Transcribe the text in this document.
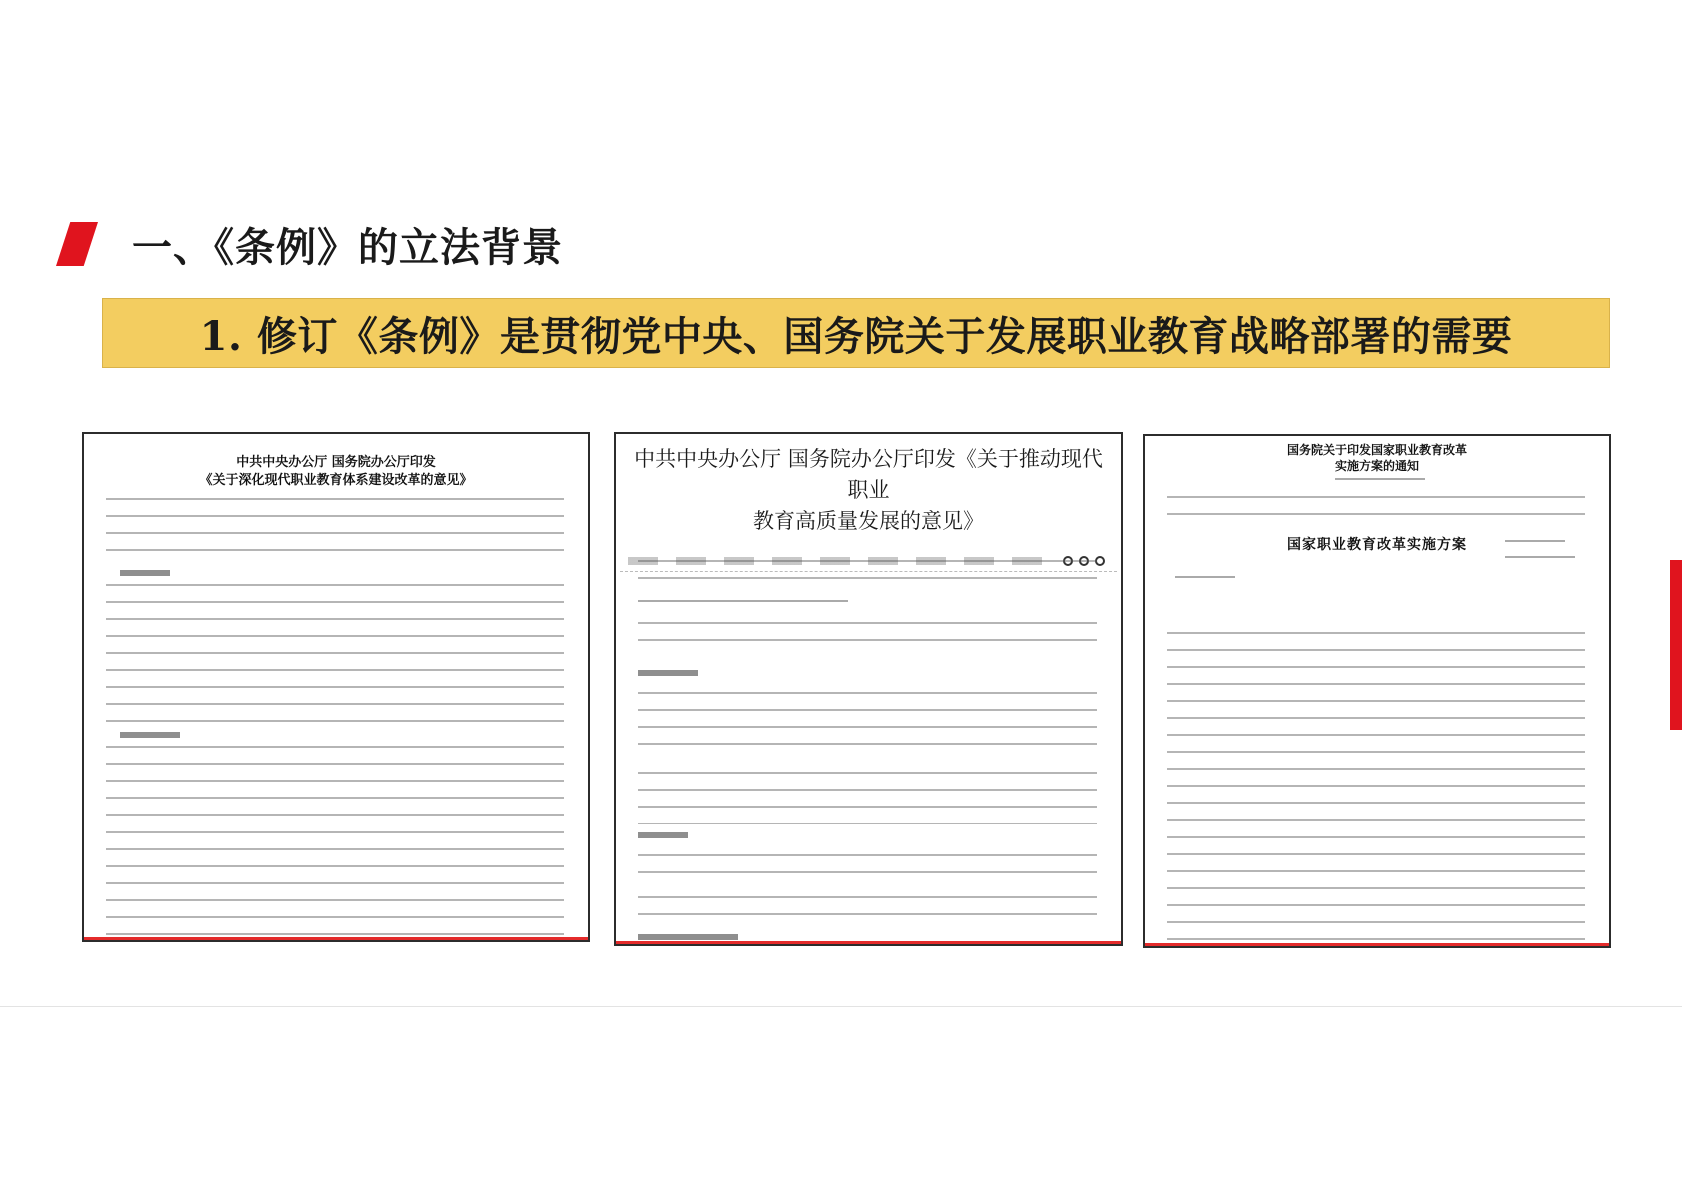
一、《条例》的立法背景
1. 修订《条例》是贯彻党中央、国务院关于发展职业教育战略部署的需要
中共中央办公厅 国务院办公厅印发
《关于深化现代职业教育体系建设改革的意见》
中共中央办公厅 国务院办公厅印发《关于推动现代职业
教育高质量发展的意见》
国务院关于印发国家职业教育改革
实施方案的通知
国家职业教育改革实施方案
